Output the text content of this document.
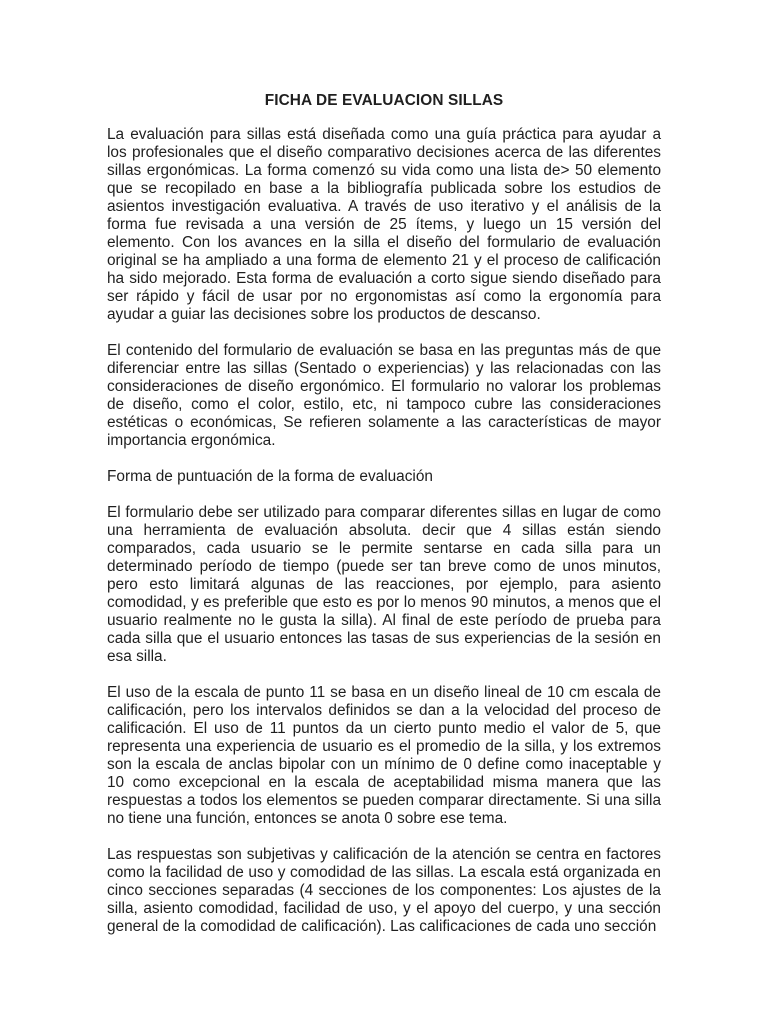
FICHA DE EVALUACION SILLAS

La evaluación para sillas está diseñada como una guía práctica para ayudar a los profesionales que el diseño comparativo decisiones acerca de las diferentes sillas ergonómicas. La forma comenzó su vida como una lista de> 50 elemento que se recopilado en base a la bibliografía publicada sobre los estudios de asientos investigación evaluativa. A través de uso iterativo y el análisis de la forma fue revisada a una versión de 25 ítems, y luego un 15 versión del elemento. Con los avances en la silla el diseño del formulario de evaluación original se ha ampliado a una forma de elemento 21 y el proceso de calificación ha sido mejorado. Esta forma de evaluación a corto sigue siendo diseñado para ser rápido y fácil de usar por no ergonomistas así como la ergonomía para ayudar a guiar las decisiones sobre los productos de descanso.

El contenido del formulario de evaluación se basa en las preguntas más de que diferenciar entre las sillas (Sentado o experiencias) y las relacionadas con las consideraciones de diseño ergonómico. El formulario no valorar los problemas de diseño, como el color, estilo, etc, ni tampoco cubre las consideraciones estéticas o económicas, Se refieren solamente a las características de mayor importancia ergonómica.

Forma de puntuación de la forma de evaluación

El formulario debe ser utilizado para comparar diferentes sillas en lugar de como una herramienta de evaluación absoluta. decir que 4 sillas están siendo comparados, cada usuario se le permite sentarse en cada silla para un determinado período de tiempo (puede ser tan breve como de unos minutos, pero esto limitará algunas de las reacciones, por ejemplo, para asiento comodidad, y es preferible que esto es por lo menos 90 minutos, a menos que el usuario realmente no le gusta la silla). Al final de este período de prueba para cada silla que el usuario entonces las tasas de sus experiencias de la sesión en esa silla.

El uso de la escala de punto 11 se basa en un diseño lineal de 10 cm escala de calificación, pero los intervalos definidos se dan a la velocidad del proceso de calificación. El uso de 11 puntos da un cierto punto medio el valor de 5, que representa una experiencia de usuario es el promedio de la silla, y los extremos son la escala de anclas bipolar con un mínimo de 0 define como inaceptable y 10 como excepcional en la escala de aceptabilidad misma manera que las respuestas a todos los elementos se pueden comparar directamente. Si una silla no tiene una función, entonces se anota 0 sobre ese tema.

Las respuestas son subjetivas y calificación de la atención se centra en factores como la facilidad de uso y comodidad de las sillas. La escala está organizada en cinco secciones separadas (4 secciones de los componentes: Los ajustes de la silla, asiento comodidad, facilidad de uso, y el apoyo del cuerpo, y una sección general de la comodidad de calificación). Las calificaciones de cada uno sección
